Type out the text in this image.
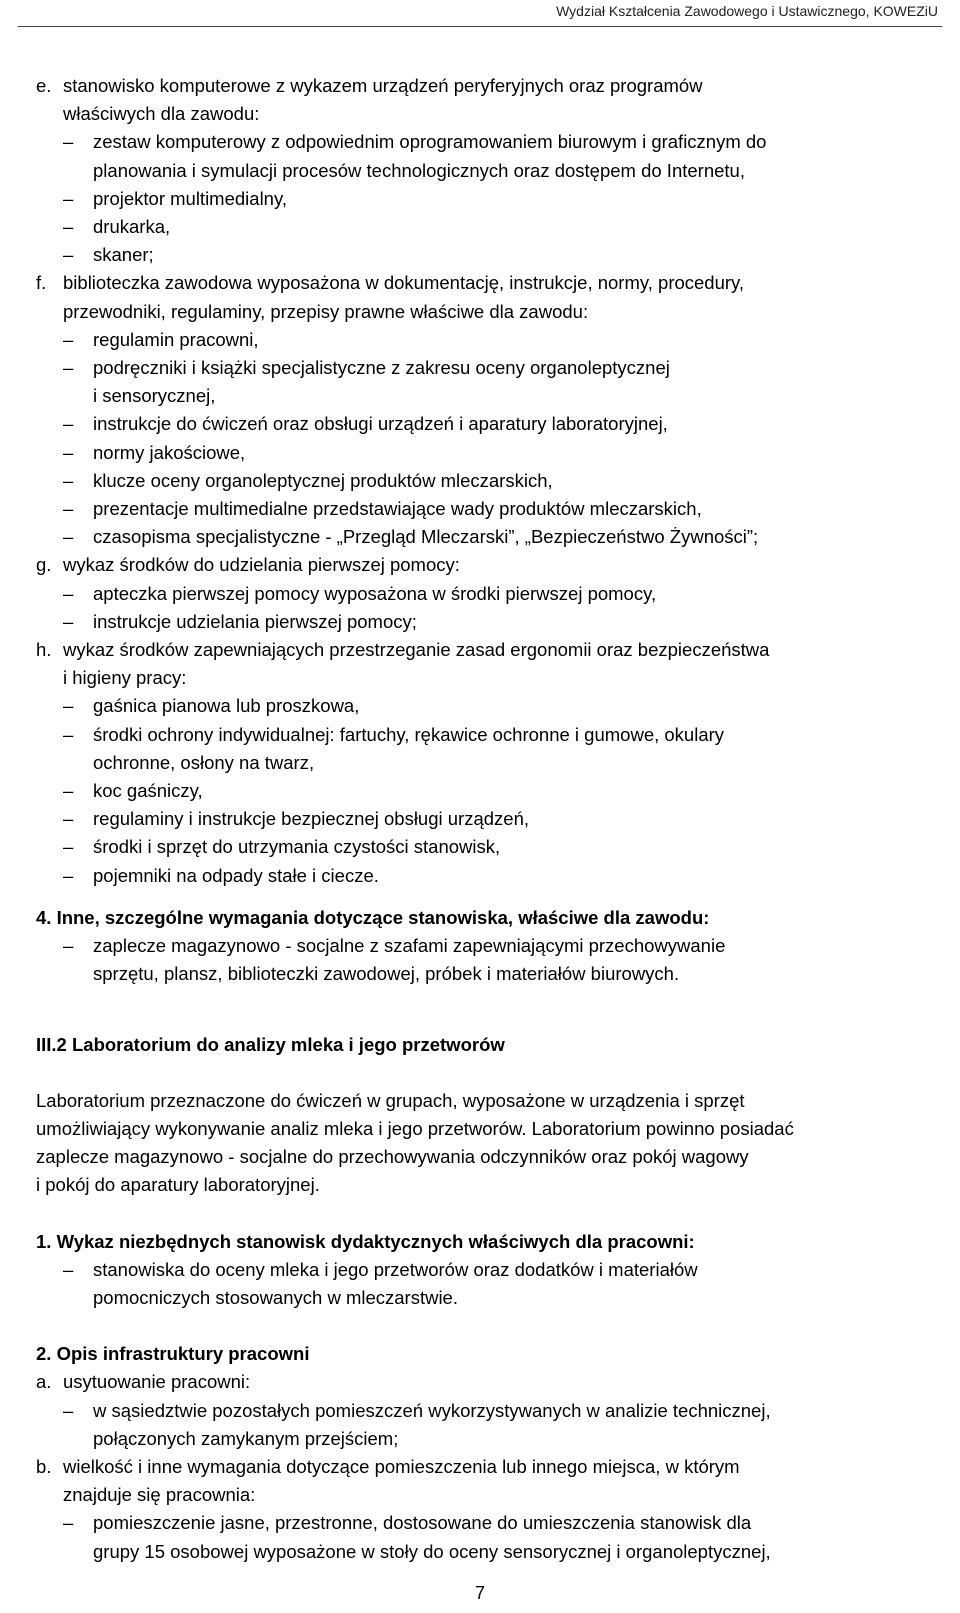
Wydział Kształcenia Zawodowego i Ustawicznego, KOWEZiU
e. stanowisko komputerowe z wykazem urządzeń peryferyjnych oraz programów
właściwych dla zawodu:
– zestaw komputerowy z odpowiednim oprogramowaniem biurowym i graficznym do
planowania i symulacji procesów technologicznych oraz dostępem do Internetu,
– projektor multimedialny,
– drukarka,
– skaner;
f. biblioteczka zawodowa wyposażona w dokumentację, instrukcje, normy, procedury,
przewodniki, regulaminy, przepisy prawne właściwe dla zawodu:
– regulamin pracowni,
– podręczniki i książki specjalistyczne z zakresu oceny organoleptycznej
i sensorycznej,
– instrukcje do ćwiczeń oraz obsługi urządzeń i aparatury laboratoryjnej,
– normy jakościowe,
– klucze oceny organoleptycznej produktów mleczarskich,
– prezentacje multimedialne przedstawiające wady produktów mleczarskich,
– czasopisma specjalistyczne - „Przegląd Mleczarski”, „Bezpieczeństwo Żywności”;
g. wykaz środków do udzielania pierwszej pomocy:
– apteczka pierwszej pomocy wyposażona w środki pierwszej pomocy,
– instrukcje udzielania pierwszej pomocy;
h. wykaz środków zapewniających przestrzeganie zasad ergonomii oraz bezpieczeństwa
i higieny pracy:
– gaśnica pianowa lub proszkowa,
– środki ochrony indywidualnej: fartuchy, rękawice ochronne i gumowe, okulary
ochronne, osłony na twarz,
– koc gaśniczy,
– regulaminy i instrukcje bezpiecznej obsługi urządzeń,
– środki i sprzęt do utrzymania czystości stanowisk,
– pojemniki na odpady stałe i ciecze.
4. Inne, szczególne wymagania dotyczące stanowiska, właściwe dla zawodu:
– zaplecze magazynowo - socjalne z szafami zapewniającymi przechowywanie
sprzętu, plansz, biblioteczki zawodowej, próbek i materiałów biurowych.
III.2 Laboratorium do analizy mleka i jego przetworów
Laboratorium przeznaczone do ćwiczeń w grupach, wyposażone w urządzenia i sprzęt
umożliwiający wykonywanie analiz mleka i jego przetworów. Laboratorium powinno posiadać
zaplecze magazynowo - socjalne do przechowywania odczynników oraz pokój wagowy
i pokój do aparatury laboratoryjnej.
1. Wykaz niezbędnych stanowisk dydaktycznych właściwych dla pracowni:
– stanowiska do oceny mleka i jego przetworów oraz dodatków i materiałów
pomocniczych stosowanych w mleczarstwie.
2. Opis infrastruktury pracowni
a. usytuowanie pracowni:
– w sąsiedztwie pozostałych pomieszczeń wykorzystywanych w analizie technicznej,
połączonych zamykanym przejściem;
b. wielkość i inne wymagania dotyczące pomieszczenia lub innego miejsca, w którym
znajduje się pracownia:
– pomieszczenie jasne, przestronne, dostosowane do umieszczenia stanowisk dla
grupy 15 osobowej wyposażone w stoły do oceny sensorycznej i organoleptycznej,
7
